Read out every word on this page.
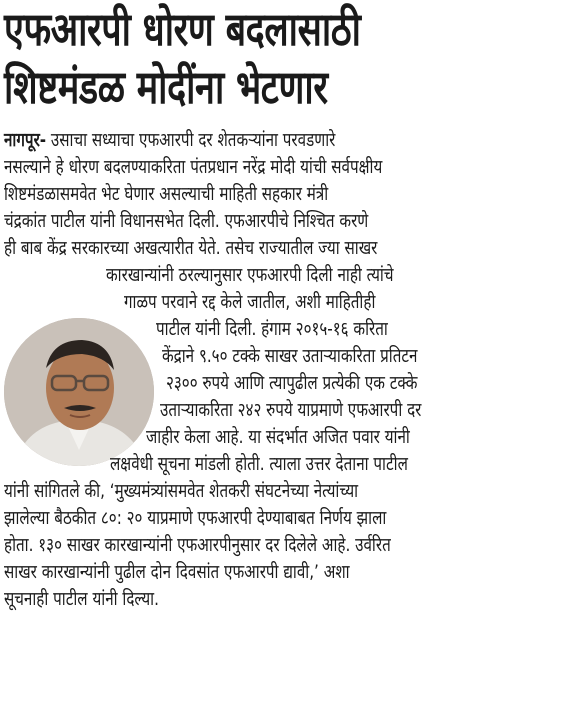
एफआरपी धोरण बदलासाठी
शिष्टमंडळ मोदींना भेटणार
नागपूर- उसाचा सध्याचा एफआरपी दर शेतकऱ्यांना परवडणारे
नसल्याने हे धोरण बदलण्याकरिता पंतप्रधान नरेंद्र मोदी यांची सर्वपक्षीय
शिष्टमंडळासमवेत भेट घेणार असल्याची माहिती सहकार मंत्री
चंद्रकांत पाटील यांनी विधानसभेत दिली. एफआरपीचे निश्चित करणे
ही बाब केंद्र सरकारच्या अखत्यारीत येते. तसेच राज्यातील ज्या साखर
कारखान्यांनी ठरल्यानुसार एफआरपी दिली नाही त्यांचे
गाळप परवाने रद्द केले जातील, अशी माहितीही
पाटील यांनी दिली. हंगाम २०१५-१६ करिता
केंद्राने ९.५० टक्के साखर उताऱ्याकरिता प्रतिटन
२३०० रुपये आणि त्यापुढील प्रत्येकी एक टक्के
उताऱ्याकरिता २४२ रुपये याप्रमाणे एफआरपी दर
जाहीर केला आहे. या संदर्भात अजित पवार यांनी
लक्षवेधी सूचना मांडली होती. त्याला उत्तर देताना पाटील
यांनी सांगितले की, ‘मुख्यमंत्र्यांसमवेत शेतकरी संघटनेच्या नेत्यांच्या
झालेल्या बैठकीत ८०: २० याप्रमाणे एफआरपी देण्याबाबत निर्णय झाला
होता. १३० साखर कारखान्यांनी एफआरपीनुसार दर दिलेले आहे. उर्वरित
साखर कारखान्यांनी पुढील दोन दिवसांत एफआरपी द्यावी,’ अशा
सूचनाही पाटील यांनी दिल्या.
